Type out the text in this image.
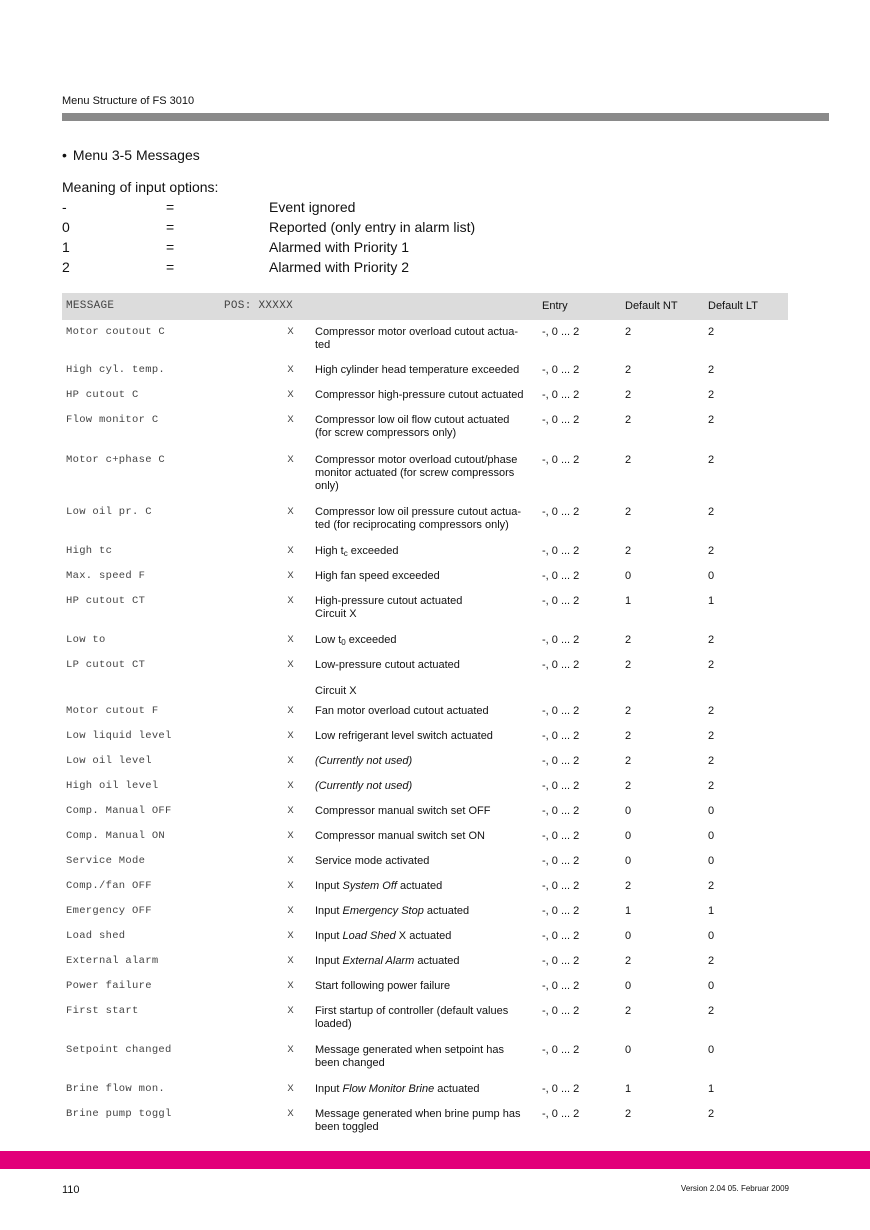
Menu Structure of FS 3010
• Menu 3-5 Messages
Meaning of input options:
-	=	Event ignored
0	=	Reported (only entry in alarm list)
1	=	Alarmed with Priority 1
2	=	Alarmed with Priority 2
MESSAGE	POS: XXXXX	Entry	Default NT	Default LT
Motor coutout C	X Compressor motor overload cutout actua-
ted
-, 0 ... 2	2	2
High cyl. temp.	X High cylinder head temperature exceeded	-, 0 ... 2	2	2
HP cutout C	X Compressor high-pressure cutout actuated	-, 0 ... 2	2	2
Flow monitor C	X Compressor low oil flow cutout actuated
(for screw compressors only)
-, 0 ... 2	2	2
Motor c+phase C	X Compressor motor overload cutout/phase
monitor actuated (for screw compressors
only)
-, 0 ... 2	2	2
Low oil pr. C	X Compressor low oil pressure cutout actua-
ted (for reciprocating compressors only)
-, 0 ... 2	2	2
High tc	X High $t_c$ exceeded	-, 0 ... 2	2	2
Max. speed F	X High fan speed exceeded	-, 0 ... 2	0	0
HP cutout CT	X High-pressure cutout actuated
Circuit X
-, 0 ... 2	1	1
Low to	X Low $t_0$ exceeded	-, 0 ... 2	2	2
LP cutout CT	X Low-pressure cutout actuated

Circuit X
-, 0 ... 2	2	2
Motor cutout F	X Fan motor overload cutout actuated	-, 0 ... 2	2	2
Low liquid level	X Low refrigerant level switch actuated	-, 0 ... 2	2	2
Low oil level	X (Currently not used)	-, 0 ... 2	2	2
High oil level	X (Currently not used)	-, 0 ... 2	2	2
Comp. Manual OFF	X Compressor manual switch set OFF	-, 0 ... 2	0	0
Comp. Manual ON	X Compressor manual switch set ON	-, 0 ... 2	0	0
Service Mode	X Service mode activated	-, 0 ... 2	0	0
Comp./fan OFF	X Input System Off actuated	-, 0 ... 2	2	2
Emergency OFF	X Input Emergency Stop actuated	-, 0 ... 2	1	1
Load shed	X Input Load Shed X actuated	-, 0 ... 2	0	0
External alarm	X Input External Alarm actuated	-, 0 ... 2	2	2
Power failure	X Start following power failure	-, 0 ... 2	0	0
First start	X First startup of controller (default values
loaded)
-, 0 ... 2	2	2
Setpoint changed	X Message generated when setpoint has
been changed
-, 0 ... 2	0	0
Brine flow mon.	X Input Flow Monitor Brine actuated	-, 0 ... 2	1	1
Brine pump toggl	X Message generated when brine pump has
been toggled
-, 0 ... 2	2	2
110	Version 2.04 05. Februar 2009
